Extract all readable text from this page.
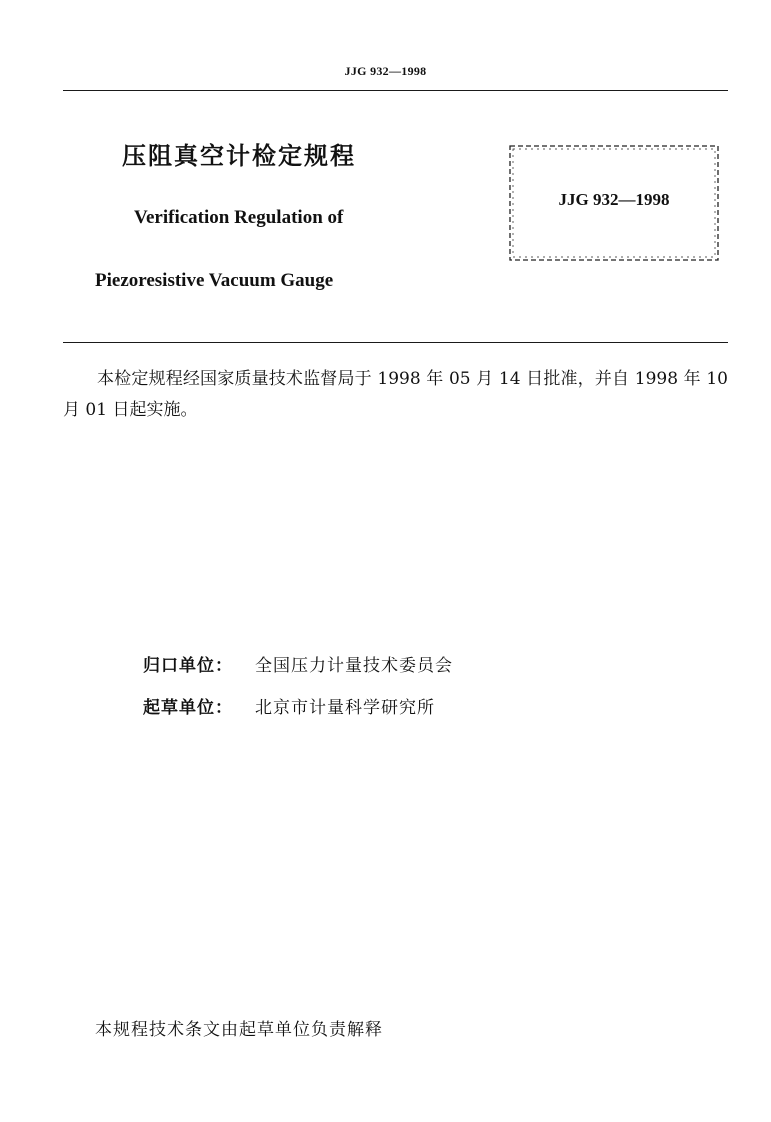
JJG 932—1998
压阻真空计检定规程
Verification Regulation of
Piezoresistive Vacuum Gauge
JJG 932—1998
本检定规程经国家质量技术监督局于 1998 年 05 月 14 日批准，并自 1998 年 10 月 01 日起实施。
归口单位：	全国压力计量技术委员会
起草单位：	北京市计量科学研究所
本规程技术条文由起草单位负责解释
